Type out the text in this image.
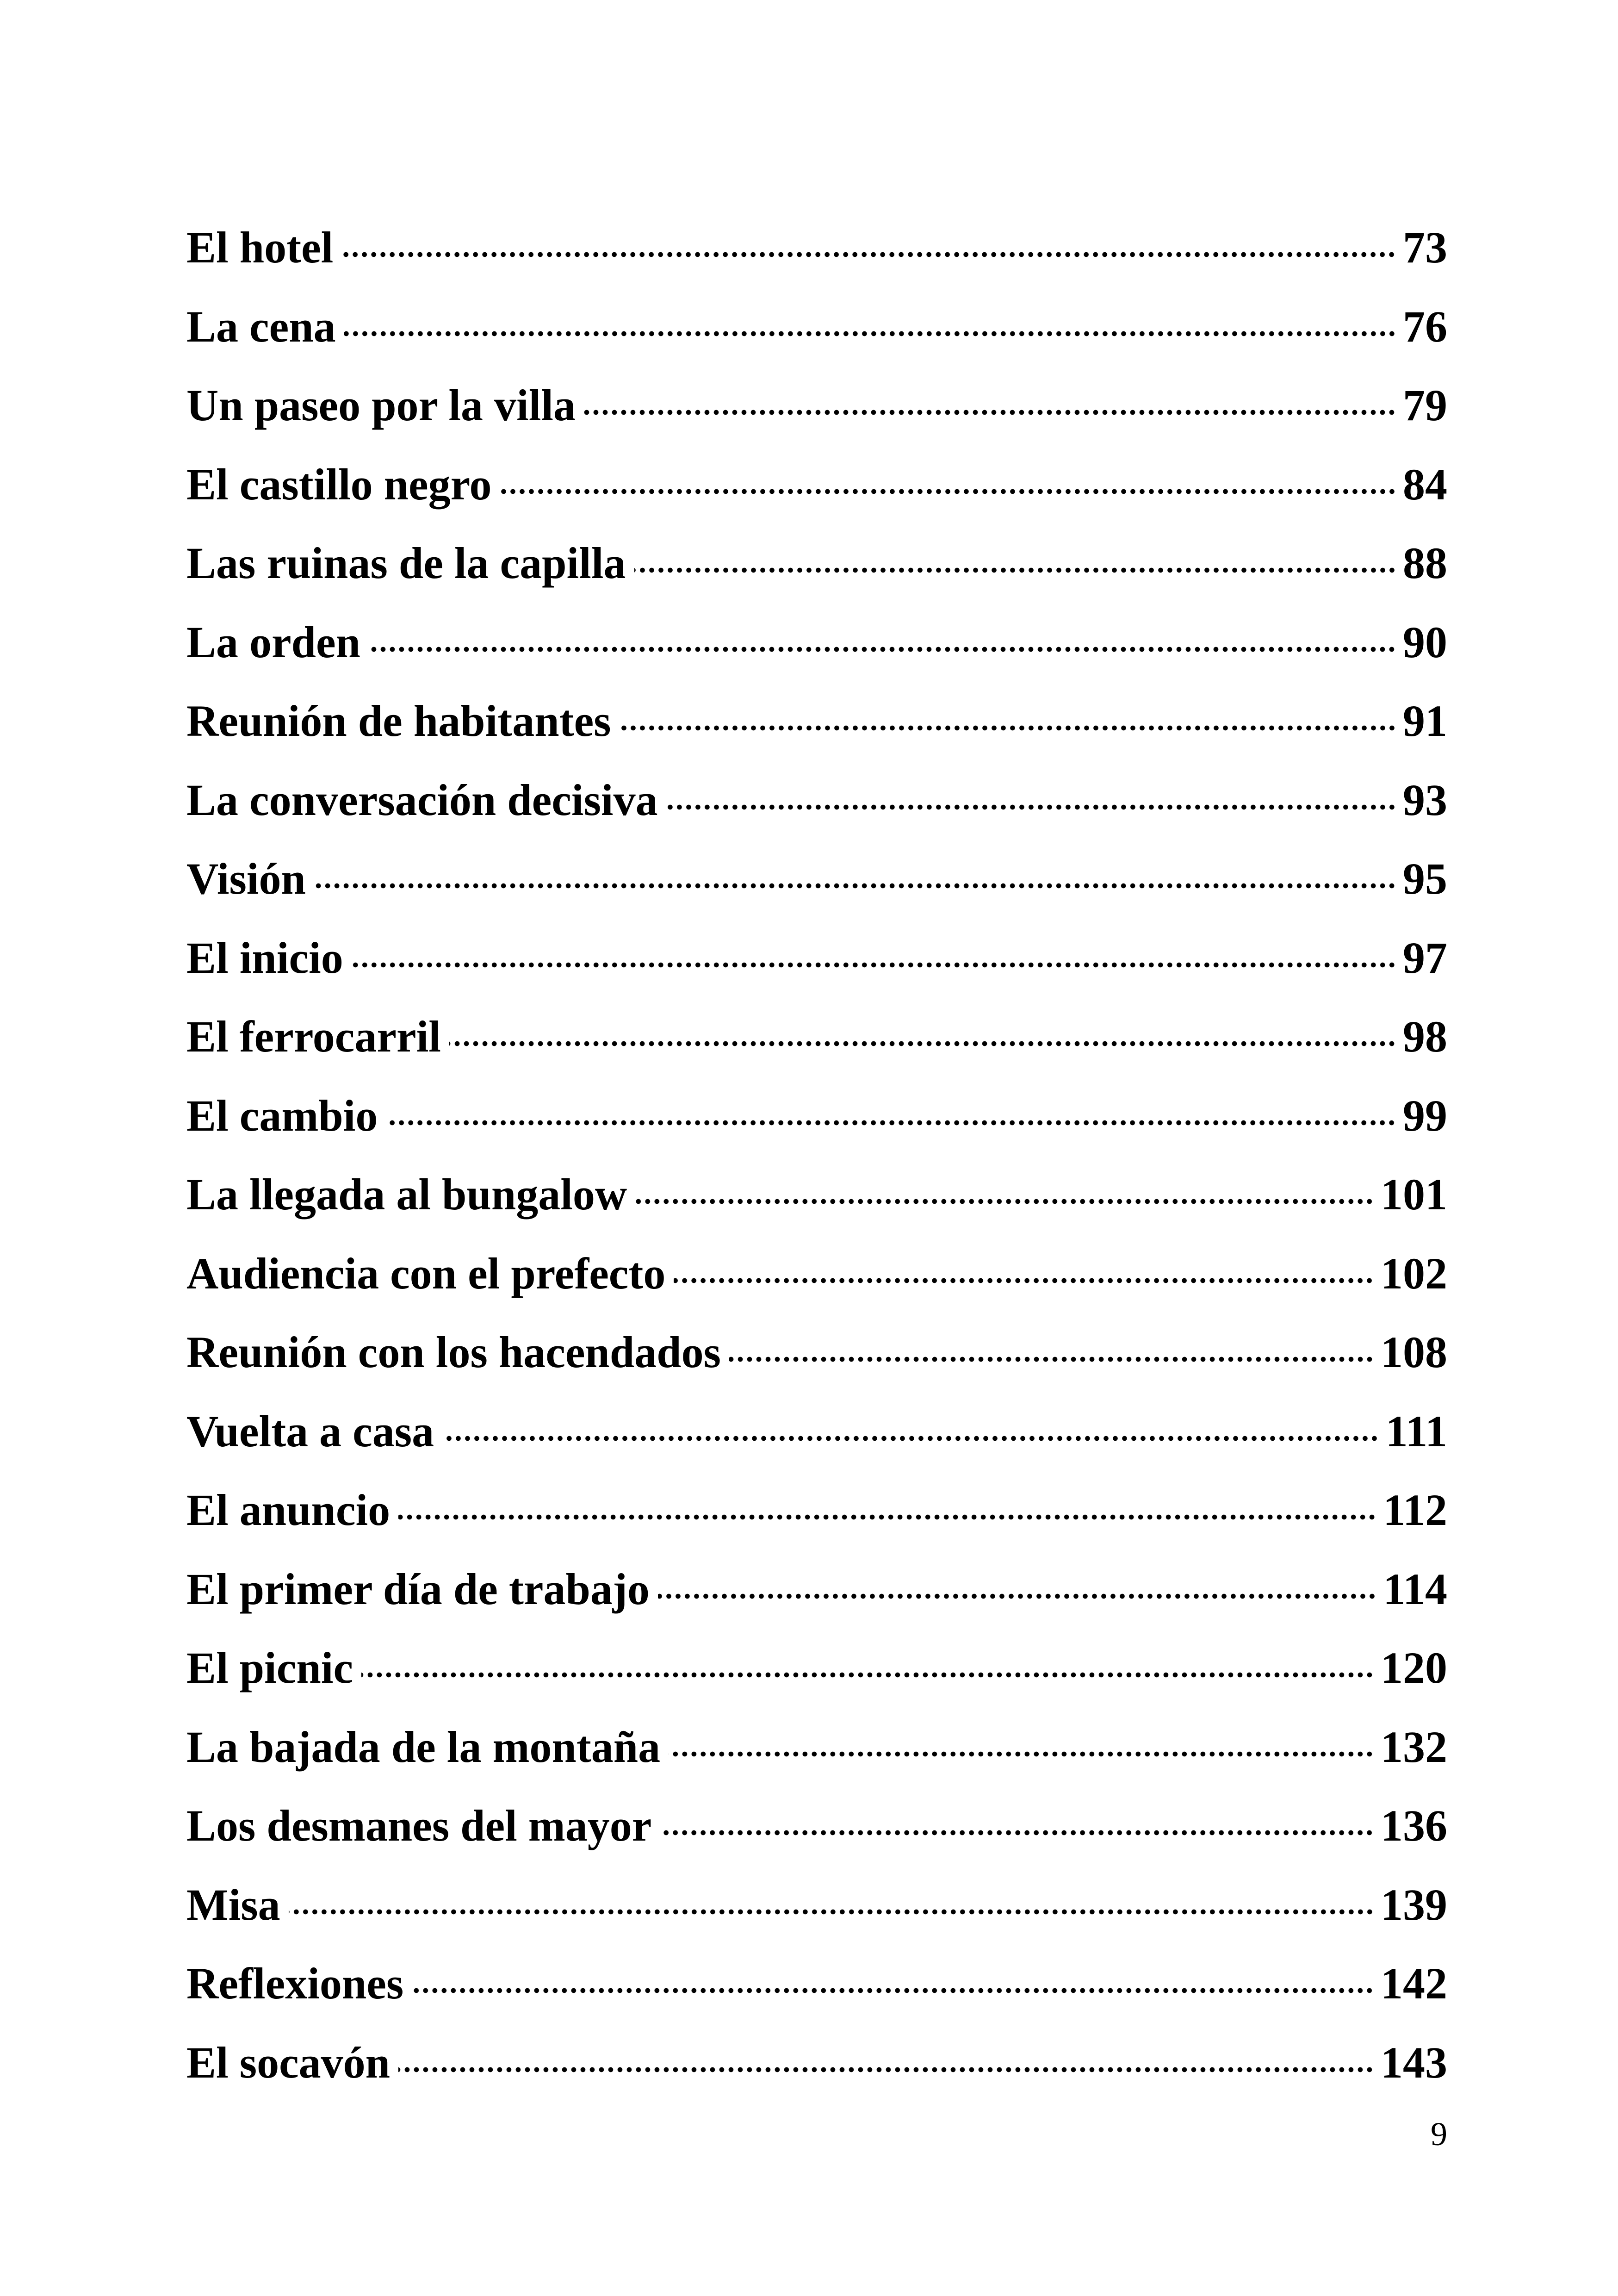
El hotel	73
La cena	76
Un paseo por la villa	79
El castillo negro	84
Las ruinas de la capilla	88
La orden	90
Reunión de habitantes	91
La conversación decisiva	93
Visión	95
El inicio	97
El ferrocarril	98
El cambio	99
La llegada al bungalow	101
Audiencia con el prefecto	102
Reunión con los hacendados	108
Vuelta a casa	111
El anuncio	112
El primer día de trabajo	114
El picnic	120
La bajada de la montaña	132
Los desmanes del mayor	136
Misa	139
Reflexiones	142
El socavón	143
9
